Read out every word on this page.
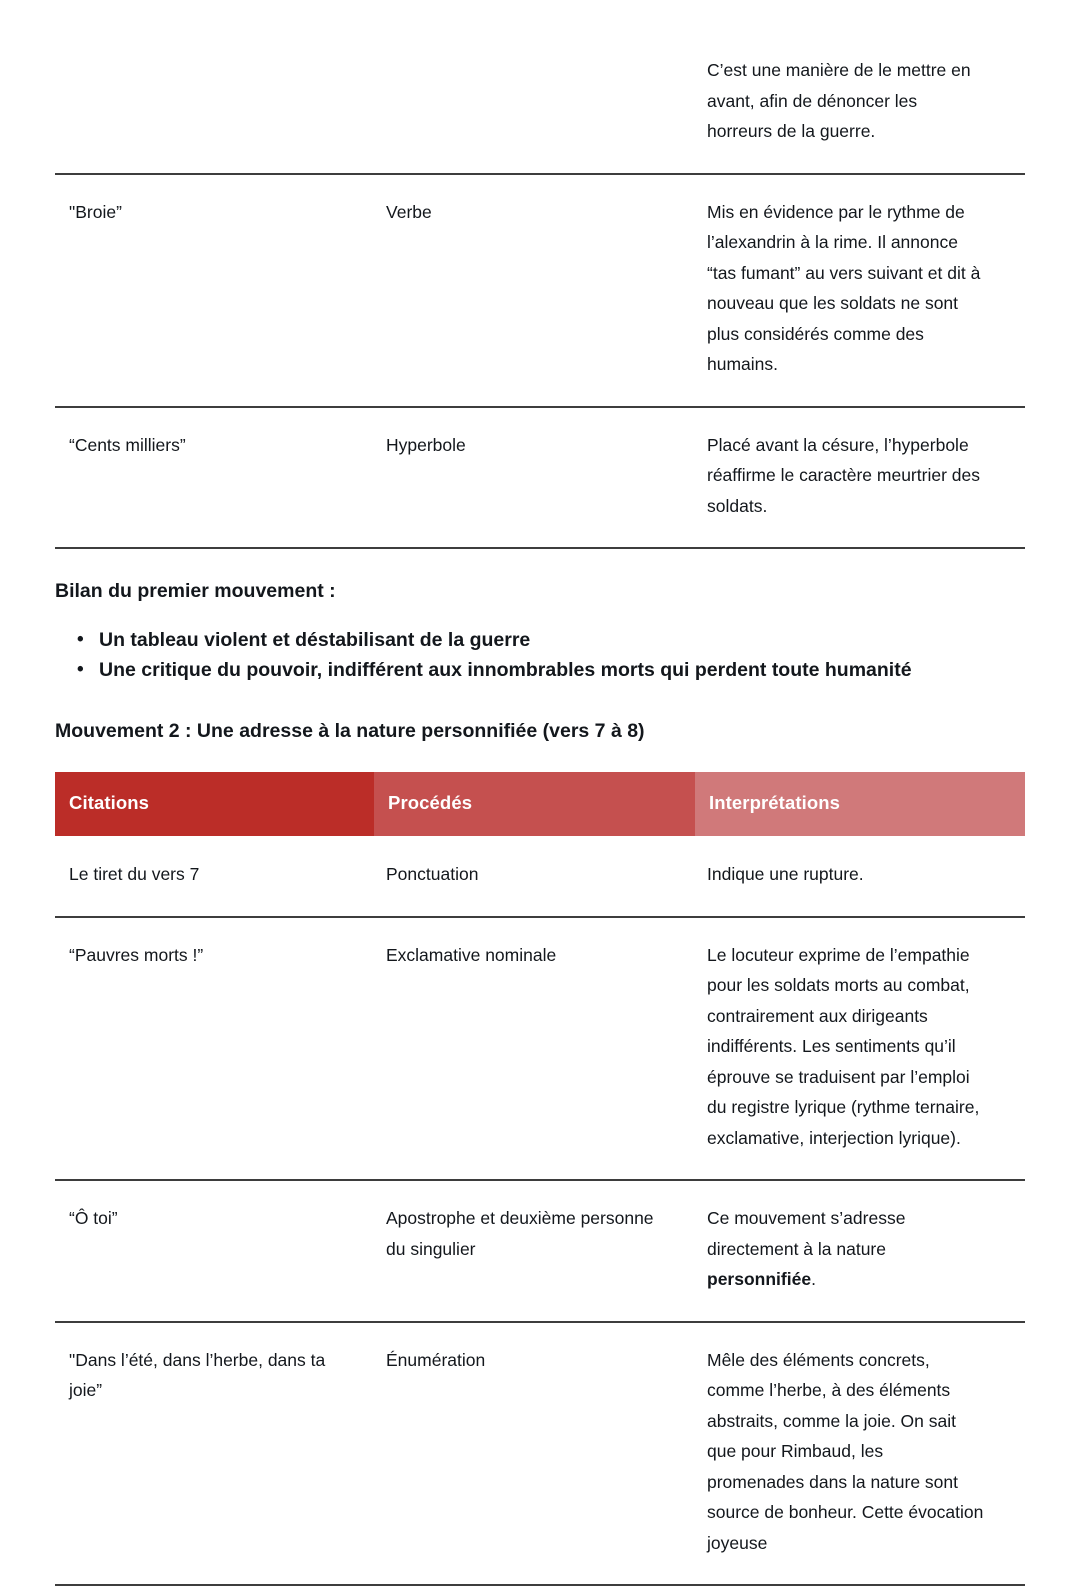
		C’est une manière de le mettre en avant, afin de dénoncer les horreurs de la guerre.
"Broie”	Verbe	Mis en évidence par le rythme de l’alexandrin à la rime. Il annonce “tas fumant” au vers suivant et dit à nouveau que les soldats ne sont plus considérés comme des humains.
“Cents milliers”	Hyperbole	Placé avant la césure, l’hyperbole réaffirme le caractère meurtrier des soldats.
Bilan du premier mouvement :
• Un tableau violent et déstabilisant de la guerre
• Une critique du pouvoir, indifférent aux innombrables morts qui perdent toute humanité
Mouvement 2 : Une adresse à la nature personnifiée (vers 7 à 8)
Citations	Procédés	Interprétations
Le tiret du vers 7	Ponctuation	Indique une rupture.
“Pauvres morts !”	Exclamative nominale	Le locuteur exprime de l’empathie pour les soldats morts au combat, contrairement aux dirigeants indifférents. Les sentiments qu’il éprouve se traduisent par l’emploi du registre lyrique (rythme ternaire, exclamative, interjection lyrique).
“Ô toi”	Apostrophe et deuxième personne du singulier	Ce mouvement s’adresse directement à la nature personnifiée.
"Dans l’été, dans l’herbe, dans ta joie”	Énumération	Mêle des éléments concrets, comme l’herbe, à des éléments abstraits, comme la joie. On sait que pour Rimbaud, les promenades dans la nature sont source de bonheur. Cette évocation joyeuse
